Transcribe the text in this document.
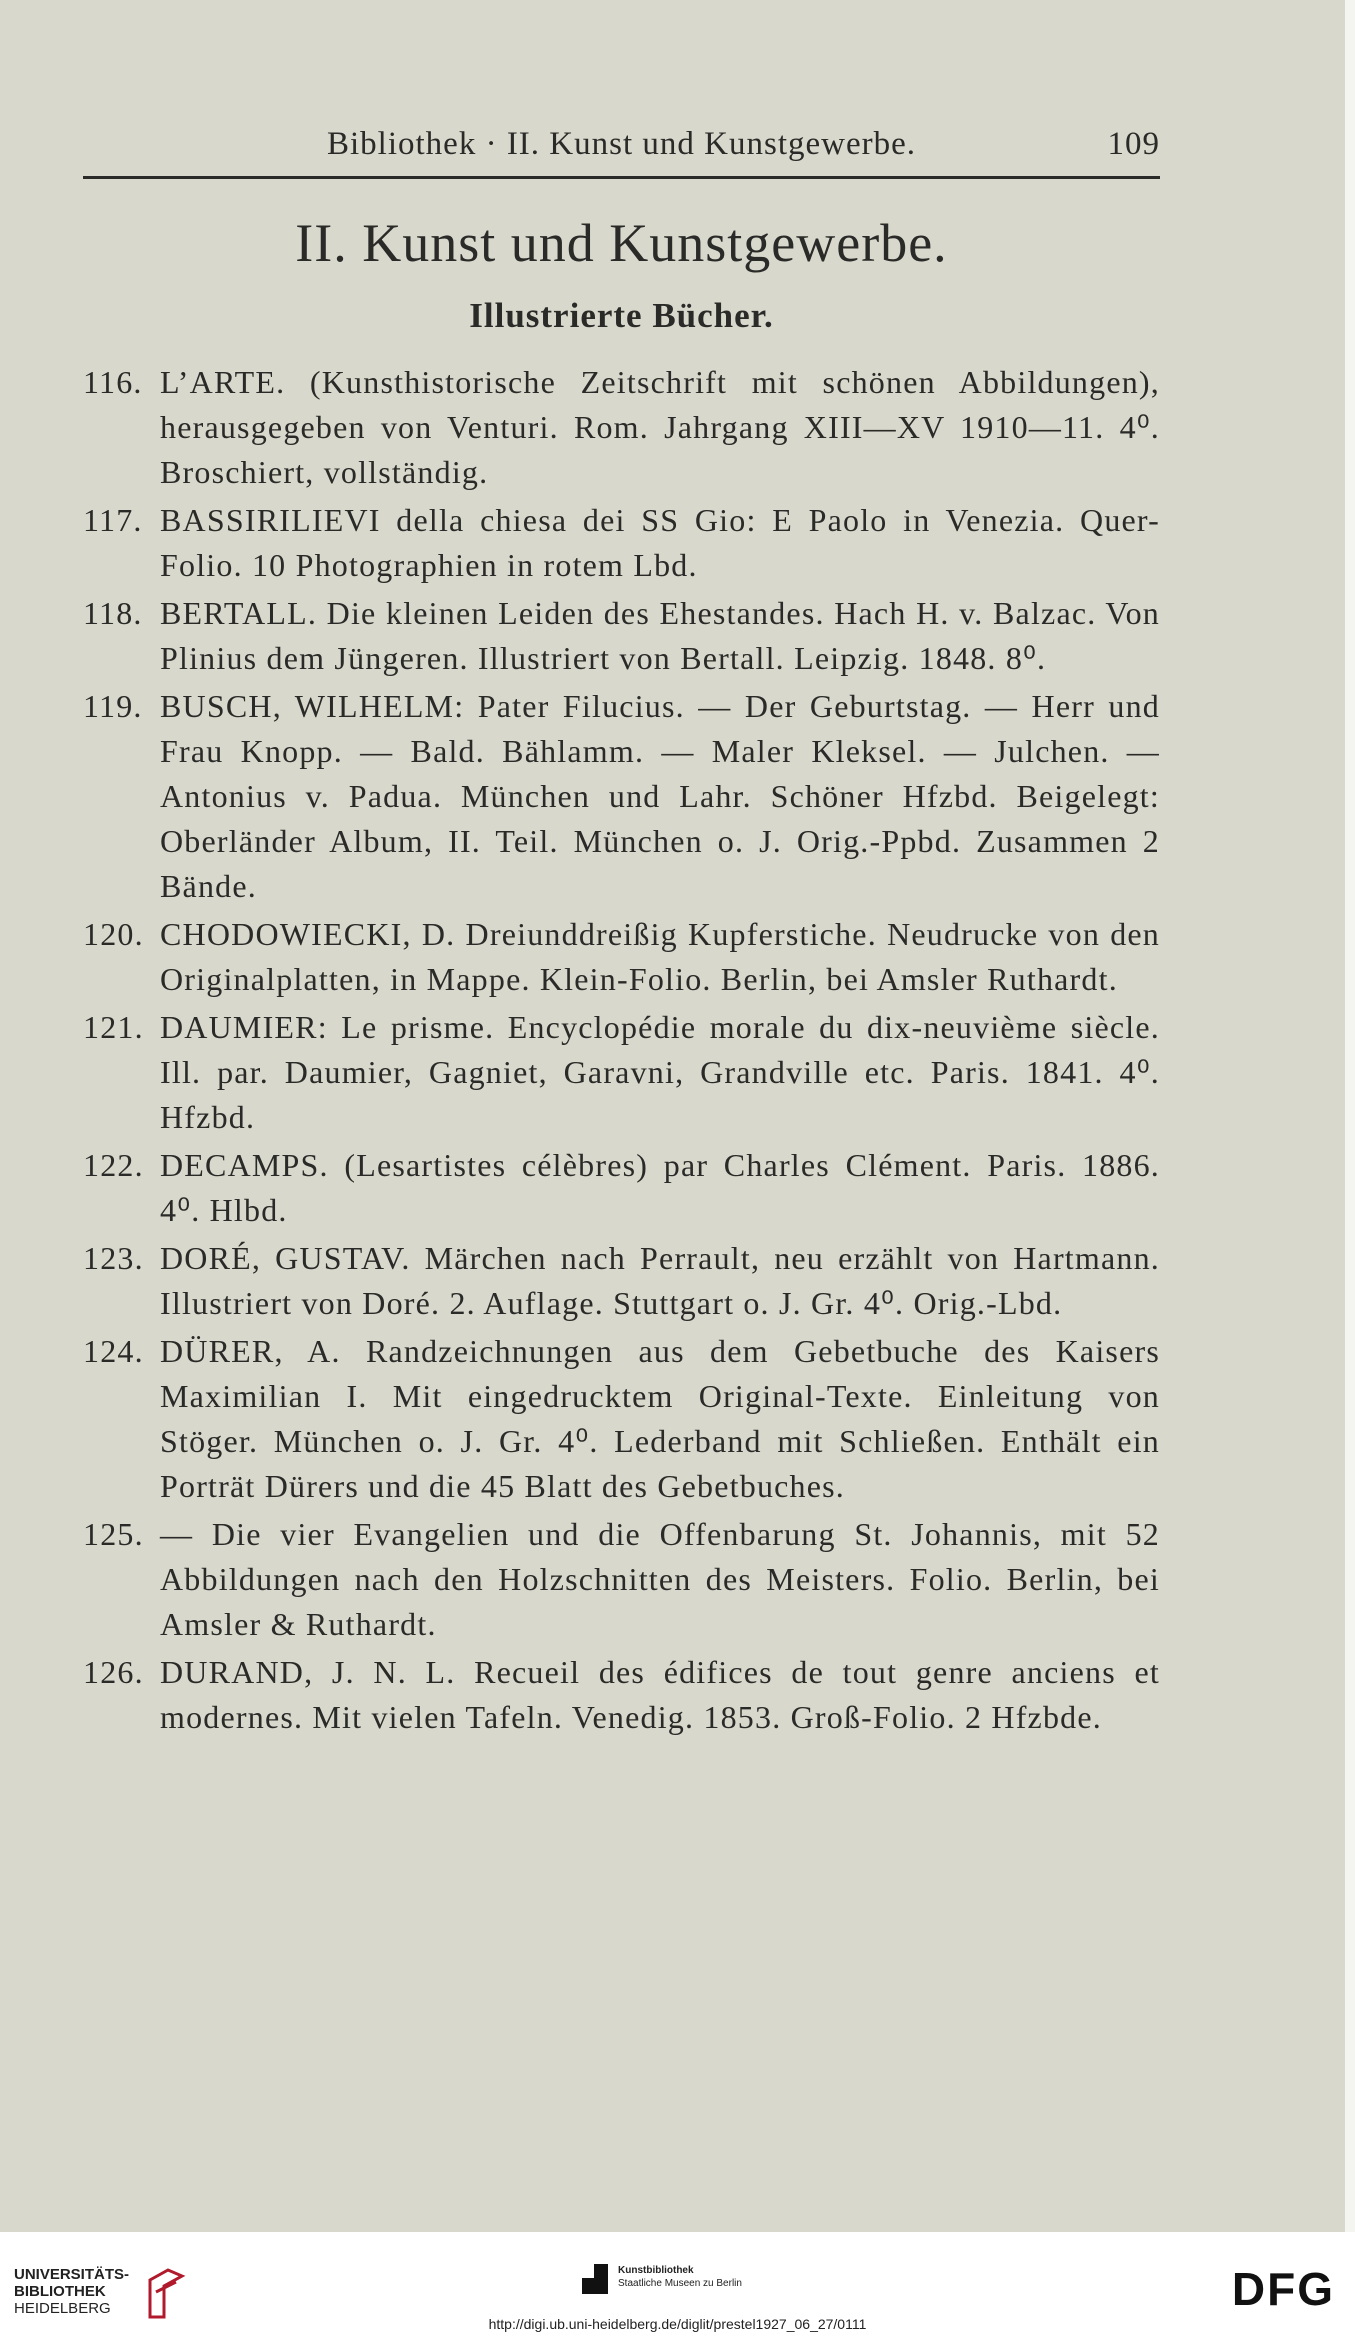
Bibliothek · II. Kunst und Kunstgewerbe.	109
II. Kunst und Kunstgewerbe.
Illustrierte Bücher.
116. L’ARTE. (Kunsthistorische Zeitschrift mit schönen Abbildungen), herausgegeben von Venturi. Rom. Jahrgang XIII—XV 1910—11. 4⁰. Broschiert, vollständig.
117. BASSIRILIEVI della chiesa dei SS Gio: E Paolo in Venezia. Quer-Folio. 10 Photographien in rotem Lbd.
118. BERTALL. Die kleinen Leiden des Ehestandes. Hach H. v. Balzac. Von Plinius dem Jüngeren. Illustriert von Bertall. Leipzig. 1848. 8⁰.
119. BUSCH, WILHELM: Pater Filucius. — Der Geburtstag. — Herr und Frau Knopp. — Bald. Bählamm. — Maler Kleksel. — Julchen. — Antonius v. Padua. München und Lahr. Schöner Hfzbd. Beigelegt: Oberländer Album, II. Teil. München o. J. Orig.-Ppbd. Zusammen 2 Bände.
120. CHODOWIECKI, D. Dreiunddreißig Kupferstiche. Neudrucke von den Originalplatten, in Mappe. Klein-Folio. Berlin, bei Amsler Ruthardt.
121. DAUMIER: Le prisme. Encyclopédie morale du dix-neuvième siècle. Ill. par. Daumier, Gagniet, Garavni, Grandville etc. Paris. 1841. 4⁰. Hfzbd.
122. DECAMPS. (Lesartistes célèbres) par Charles Clément. Paris. 1886. 4⁰. Hlbd.
123. DORÉ, GUSTAV. Märchen nach Perrault, neu erzählt von Hartmann. Illustriert von Doré. 2. Auflage. Stuttgart o. J. Gr. 4⁰. Orig.-Lbd.
124. DÜRER, A. Randzeichnungen aus dem Gebetbuche des Kaisers Maximilian I. Mit eingedrucktem Original-Texte. Einleitung von Stöger. München o. J. Gr. 4⁰. Lederband mit Schließen. Enthält ein Porträt Dürers und die 45 Blatt des Gebetbuches.
125. — Die vier Evangelien und die Offenbarung St. Johannis, mit 52 Abbildungen nach den Holzschnitten des Meisters. Folio. Berlin, bei Amsler & Ruthardt.
126. DURAND, J. N. L. Recueil des édifices de tout genre anciens et modernes. Mit vielen Tafeln. Venedig. 1853. Groß-Folio. 2 Hfzbde.
UNIVERSITÄTS-
BIBLIOTHEK
HEIDELBERG
Kunstbibliothek
Staatliche Museen zu Berlin	DFG
http://digi.ub.uni-heidelberg.de/diglit/prestel1927_06_27/0111
